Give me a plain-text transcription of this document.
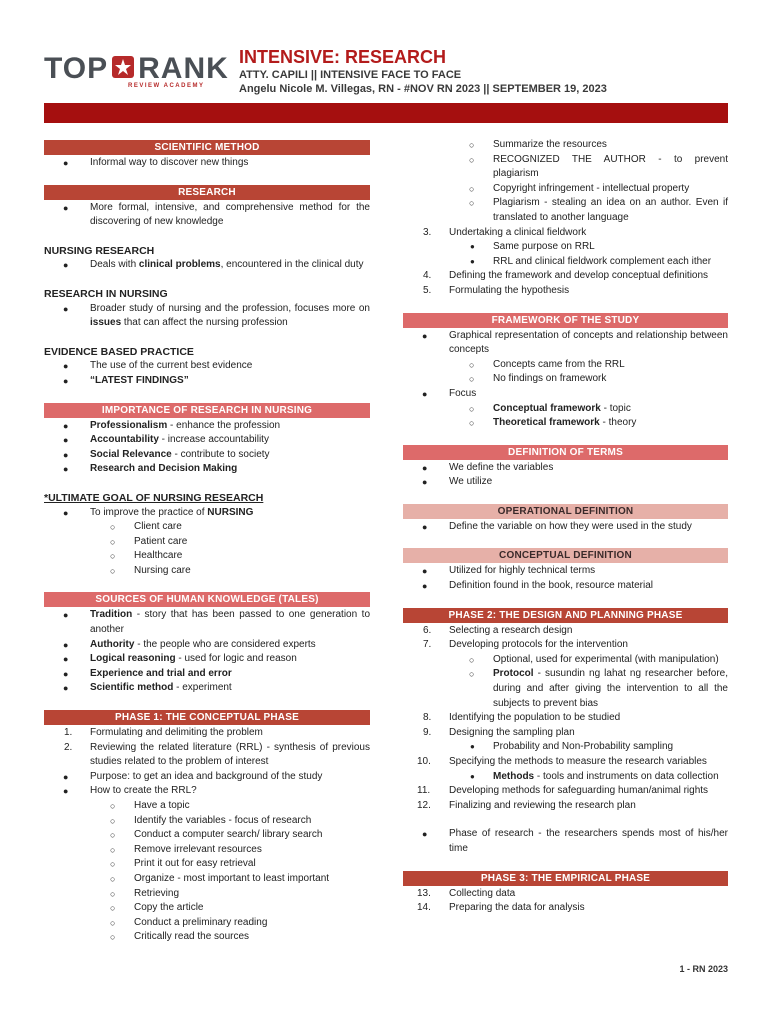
TOP RANK
REVIEW ACADEMY
INTENSIVE: RESEARCH
ATTY. CAPILI || INTENSIVE FACE TO FACE
Angelu Nicole M. Villegas, RN - #NOV RN 2023 || SEPTEMBER 19, 2023
SCIENTIFIC METHOD
● Informal way to discover new things
RESEARCH
● More formal, intensive, and comprehensive method for the discovering of new knowledge
NURSING RESEARCH
● Deals with clinical problems, encountered in the clinical duty
RESEARCH IN NURSING
● Broader study of nursing and the profession, focuses more on issues that can affect the nursing profession
EVIDENCE BASED PRACTICE
● The use of the current best evidence
● “LATEST FINDINGS”
IMPORTANCE OF RESEARCH IN NURSING
● Professionalism - enhance the profession
● Accountability - increase accountability
● Social Relevance - contribute to society
● Research and Decision Making
*ULTIMATE GOAL OF NURSING RESEARCH
● To improve the practice of NURSING
○ Client care
○ Patient care
○ Healthcare
○ Nursing care
SOURCES OF HUMAN KNOWLEDGE (TALES)
● Tradition - story that has been passed to one generation to another
● Authority - the people who are considered experts
● Logical reasoning - used for logic and reason
● Experience and trial and error
● Scientific method - experiment
PHASE 1: THE CONCEPTUAL PHASE
1. Formulating and delimiting the problem
2. Reviewing the related literature (RRL) - synthesis of previous studies related to the problem of interest
● Purpose: to get an idea and background of the study
● How to create the RRL?
○ Have a topic
○ Identify the variables - focus of research
○ Conduct a computer search/ library search
○ Remove irrelevant resources
○ Print it out for easy retrieval
○ Organize - most important to least important
○ Retrieving
○ Copy the article
○ Conduct a preliminary reading
○ Critically read the sources
○ Summarize the resources
○ RECOGNIZED THE AUTHOR - to prevent plagiarism
○ Copyright infringement - intellectual property
○ Plagiarism - stealing an idea on an author. Even if translated to another language
3. Undertaking a clinical fieldwork
● Same purpose on RRL
● RRL and clinical fieldwork complement each ither
4. Defining the framework and develop conceptual definitions
5. Formulating the hypothesis
FRAMEWORK OF THE STUDY
● Graphical representation of concepts and relationship between concepts
○ Concepts came from the RRL
○ No findings on framework
● Focus
○ Conceptual framework - topic
○ Theoretical framework - theory
DEFINITION OF TERMS
● We define the variables
● We utilize
OPERATIONAL DEFINITION
● Define the variable on how they were used in the study
CONCEPTUAL DEFINITION
● Utilized for highly technical terms
● Definition found in the book, resource material
PHASE 2: THE DESIGN AND PLANNING PHASE
6. Selecting a research design
7. Developing protocols for the intervention
○ Optional, used for experimental (with manipulation)
○ Protocol - susundin ng lahat ng researcher before, during and after giving the intervention to all the subjects to prevent bias
8. Identifying the population to be studied
9. Designing the sampling plan
● Probability and Non-Probability sampling
10. Specifying the methods to measure the research variables
● Methods - tools and instruments on data collection
11. Developing methods for safeguarding human/animal rights
12. Finalizing and reviewing the research plan
● Phase of research - the researchers spends most of his/her time
PHASE 3: THE EMPIRICAL PHASE
13. Collecting data
14. Preparing the data for analysis
1 - RN 2023
